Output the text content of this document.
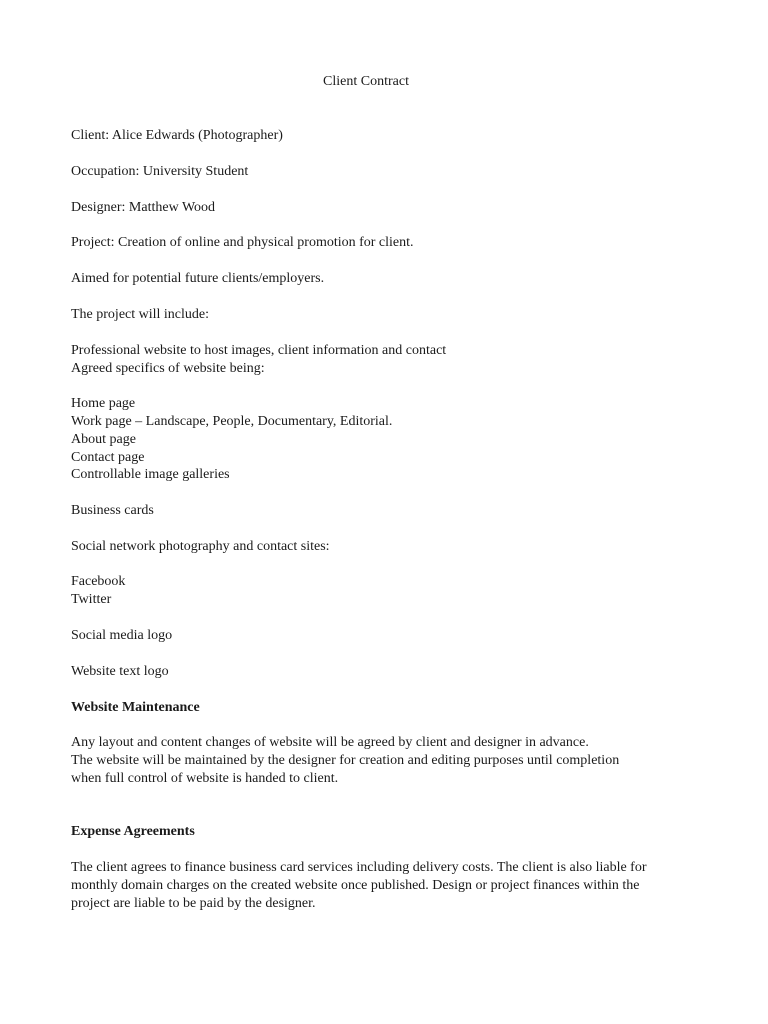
Client Contract

Client: Alice Edwards (Photographer)

Occupation: University Student

Designer: Matthew Wood

Project: Creation of online and physical promotion for client.

Aimed for potential future clients/employers.

The project will include:

Professional website to host images, client information and contact

Agreed specifics of website being:

Home page

Work page – Landscape, People, Documentary, Editorial.

About page

Contact page

Controllable image galleries

Business cards

Social network photography and contact sites:

Facebook

Twitter

Social media logo

Website text logo

Website Maintenance

Any layout and content changes of website will be agreed by client and designer in advance.

The website will be maintained by the designer for creation and editing purposes until completion

when full control of website is handed to client.

Expense Agreements

The client agrees to finance business card services including delivery costs. The client is also liable for

monthly domain charges on the created website once published. Design or project finances within the

project are liable to be paid by the designer.
